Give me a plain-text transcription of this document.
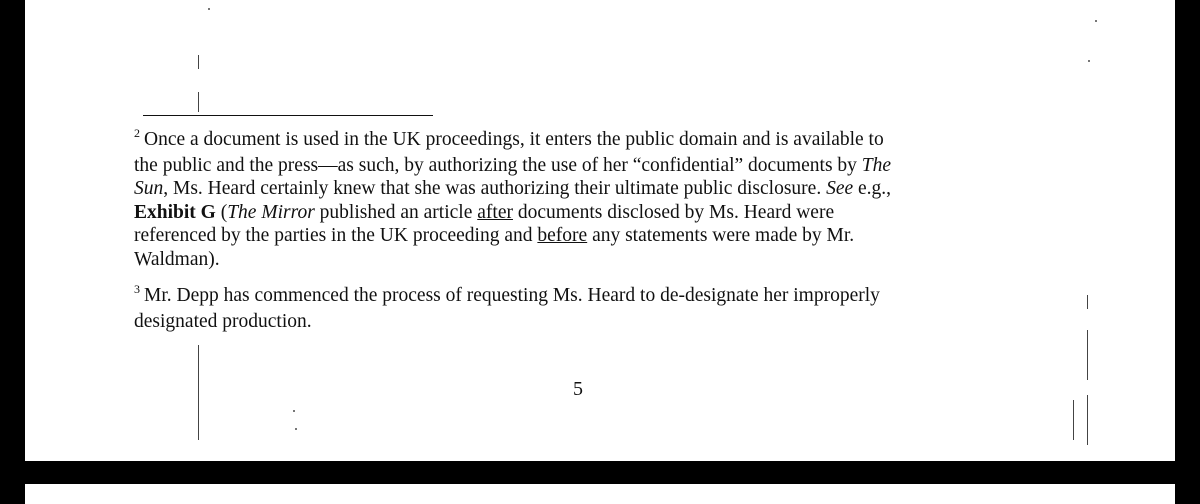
$^2$ Once a document is used in the UK proceedings, it enters the public domain and is available to

the public and the press—as such, by authorizing the use of her “confidential” documents by The

Sun, Ms. Heard certainly knew that she was authorizing their ultimate public disclosure. See e.g.,

Exhibit G (The Mirror published an article after documents disclosed by Ms. Heard were

referenced by the parties in the UK proceeding and before any statements were made by Mr.

Waldman).

$^3$ Mr. Depp has commenced the process of requesting Ms. Heard to de-designate her improperly

designated production.

5
